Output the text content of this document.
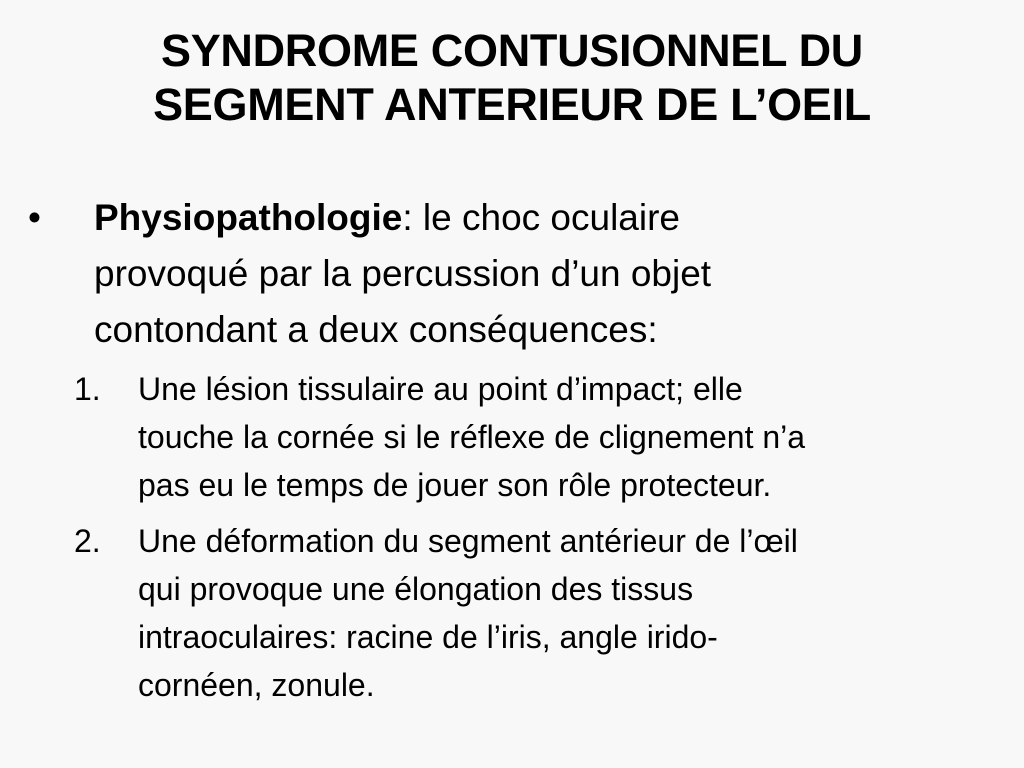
SYNDROME CONTUSIONNEL DU
SEGMENT ANTERIEUR DE L’OEIL
• Physiopathologie: le choc oculaire
provoqué par la percussion d’un objet
contondant a deux conséquences:
1.	Une lésion tissulaire au point d’impact; elle
touche la cornée si le réflexe de clignement n’a
pas eu le temps de jouer son rôle protecteur.
2.	Une déformation du segment antérieur de l’œil
qui provoque une élongation des tissus
intraoculaires: racine de l’iris, angle irido-
cornéen, zonule.
